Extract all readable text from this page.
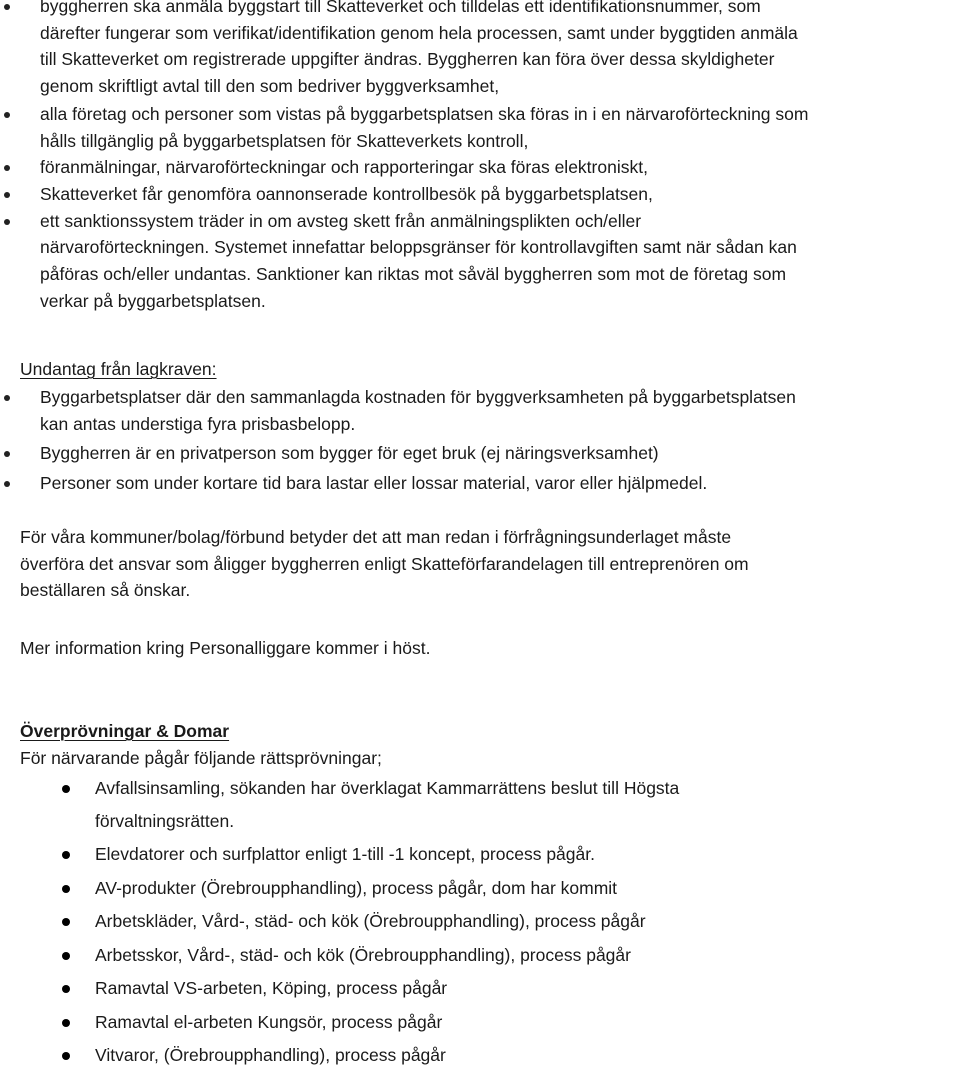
byggherren ska anmäla byggstart till Skatteverket och tilldelas ett identifikationsnummer, som
därefter fungerar som verifikat/identifikation genom hela processen, samt under byggtiden anmäla
till Skatteverket om registrerade uppgifter ändras. Byggherren kan föra över dessa skyldigheter
genom skriftligt avtal till den som bedriver byggverksamhet,
alla företag och personer som vistas på byggarbetsplatsen ska föras in i en närvaroförteckning som
hålls tillgänglig på byggarbetsplatsen för Skatteverkets kontroll,
föranmälningar, närvaroförteckningar och rapporteringar ska föras elektroniskt,
Skatteverket får genomföra oannonserade kontrollbesök på byggarbetsplatsen,
ett sanktionssystem träder in om avsteg skett från anmälningsplikten och/eller
närvaroförteckningen. Systemet innefattar beloppsgränser för kontrollavgiften samt när sådan kan
påföras och/eller undantas. Sanktioner kan riktas mot såväl byggherren som mot de företag som
verkar på byggarbetsplatsen.
Undantag från lagkraven:
Byggarbetsplatser där den sammanlagda kostnaden för byggverksamheten på byggarbetsplatsen
kan antas understiga fyra prisbasbelopp.
Byggherren är en privatperson som bygger för eget bruk (ej näringsverksamhet)
Personer som under kortare tid bara lastar eller lossar material, varor eller hjälpmedel.
För våra kommuner/bolag/förbund betyder det att man redan i förfrågningsunderlaget måste
överföra det ansvar som åligger byggherren enligt Skatteförfarandelagen till entreprenören om
beställaren så önskar.
Mer information kring Personalliggare kommer i höst.
Överprövningar & Domar
För närvarande pågår följande rättsprövningar;
Avfallsinsamling, sökanden har överklagat Kammarrättens beslut till Högsta
förvaltningsrätten.
Elevdatorer och surfplattor enligt 1-till -1 koncept, process pågår.
AV-produkter (Örebroupphandling), process pågår, dom har kommit
Arbetskläder, Vård-, städ- och kök (Örebroupphandling), process pågår
Arbetsskor, Vård-, städ- och kök (Örebroupphandling), process pågår
Ramavtal VS-arbeten, Köping, process pågår
Ramavtal el-arbeten Kungsör, process pågår
Vitvaror, (Örebroupphandling), process pågår
